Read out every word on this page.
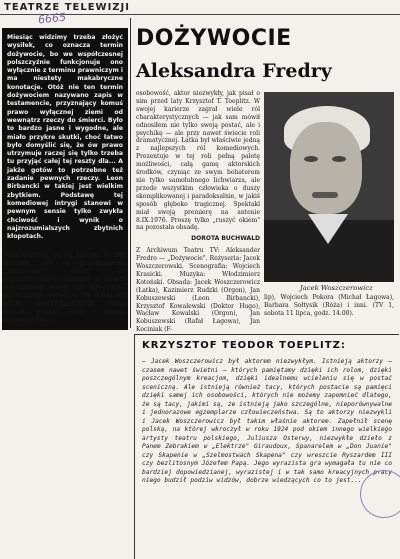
TEATRZE TELEWIZJI
6665

Miesiąc widzimy trzeba złożyć wysiłek, co oznacza termin dożywocie, bo we współczesnej polszczyźnie funkcjonuje ono wyłącznie z terminu prawniczym i ma niestety makabryczne konotacje. Otóż nie ten termin dożywociem nazywano zapis w testamencie, przyznający komuś prawo wyłącznej ziemi od wewnątrz rzeczy do śmierci. Było to bardzo jasne i wygodne, ale miało przykre skutki, choć łatwo było domyślić się, że ów prawo utrzymuje raczej się tylko trzeba tu przyjąć całej tej reszty dla... A jakże gotów to potrzebne też zadanie pewnych rzeczy. Leon Birbancki w takiej jest wielkim zbytkiem. Podstawę tej komediowej intrygi stanowi w pewnym sensie tylko zwykła chciwość i wynik o najzrozumialszych zbytnich kłopotach.

Mam nadzieję, że nie zabrzmi to zbyt banalnie, ale to przedstawienie „Dożywocia" należy do najwybitniejszych spektakli w historii telewizyjnego teatru. Jego reżyserem i jednocześnie odtwórcą roli Łatki był JACEK WOSZCZEROWICZ, wielka legenda polskiej sceny i ekranu, niepowtarzalna

DOŻYWOCIE
Aleksandra Fredry

osobowość, aktor niezwykły, jak pisał o nim przed laty Krzysztof T. Toeplitz. W swojej karierze zagrał wiele ról charakterystycznych — jak sam mówił odnosiłem nie tylko swoją postać, ale i psychikę — ale przy nawet świecie roli dramatycznej. Łatka był właściwie jedną z najlepszych ról komediowych. Prezentuje w tej roli pełną paletę możliwości, całą gamę aktorskich środków, czyniąc ze swym bohaterem nie tylko samolubnego lichwiarza, ale przede wszystkim człowieka o duszy skomplikowanej i paradoksalnie, w jakiś sposób głęboko tragicznej. Spektakl miał swoją premierę na antenie 8.IX.1976. Proszę tylko „ruszyć okiem" na pozostała obsadę.

DOROTA BUCHWALD

Z Archiwum Teatru TV: Aleksander Fredro — „Dożywocie". Reżyseria: Jacek Woszczerowski. Scenografia: Wojciech Krasicki. Muzyka: Włodzimierz Kotoński. Obsada: Jacek Woszczerowicz (Łatka), Kazimierz Rudzki (Orgon), Jan Kobuszewski (Leon Birbancki), Krzysztof Kowalewski (Doktor Hugo), Wacław Kowalski (Orgon), Jan Kobuszewski (Rafał Łagowa), Jan Kociniak (F-

Jacek Woszczerowicz

lip), Wojciech Pokora (Michał Łagowa), Barbara Sołtysik (Róża) i inni. (TV 1, sobota 11 lipca, godz. 14.00).

KRZYSZTOF TEODOR TOEPLITZ:

— Jacek Woszczerowicz był aktorem niezwykłym. Istnieją aktorzy — czasem nawet świetni — których pamiętamy dzięki ich rolom, dzięki poszczególnym kreacjom, dzięki idealnemu wcieleniu się w postać sceniczną. Ale istnieją również tacy, których postacie są pamięci dzięki samej ich osobowości, których nie możemy zapomnieć dlatego, że są tacy, jakimi są, że istnieją jako szczególne, nieporównywalne i jednorazowe egzemplarze człowieczeństwa. Są to aktorzy niezwykli i Jacek Woszczerowicz był takim właśnie aktorem. Zapełnił scenę polską, na której wkroczył w roku 1924 pod okiem innego wielkiego artysty teatru polskiego, Juliusza Osterwy, niezwykłe dzieło z Panem Zebrakiem w „Elektrze" Giraudoux, Spanarelem w „Don Juanie" czy Skapenie w „Szelmostwach Skapena" czy wreszcie Ryszardem III czy bezlitosnym Józefem Papą. Jego wyrazista gra wymagała tu nie co bardziej dopowiedzianej, wyrazistej i w tak samo kreacyjnych pracy niego budził podziw widzów, dobrze wiedzących co to jest...
